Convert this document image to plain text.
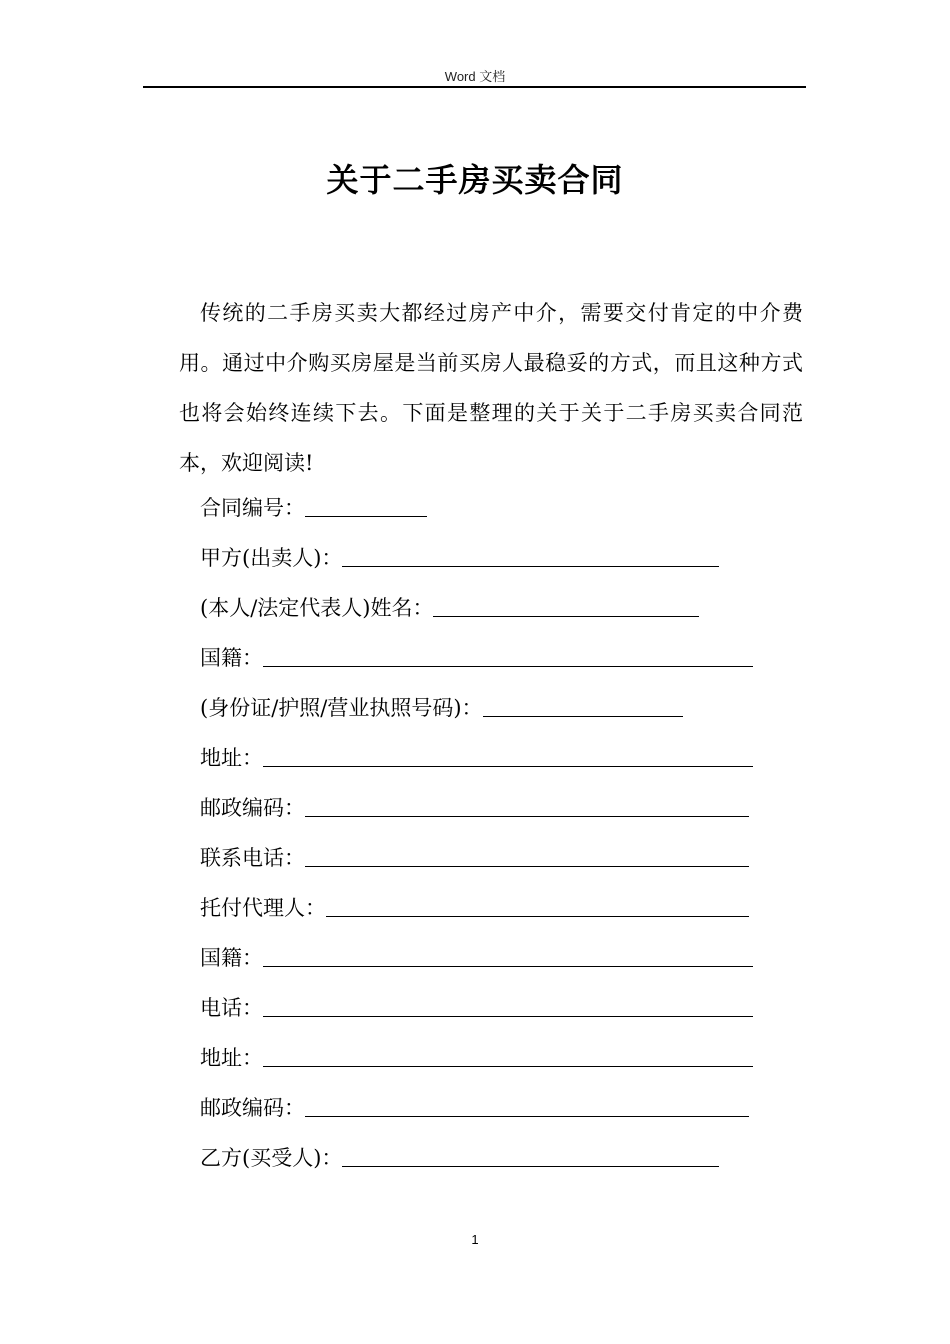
Word 文档
关于二手房买卖合同

传统的二手房买卖大都经过房产中介，需要交付肯定的中介费用。通过中介购买房屋是当前买房人最稳妥的方式，而且这种方式也将会始终连续下去。下面是整理的关于关于二手房买卖合同范本，欢迎阅读!

合同编号：
甲方(出卖人)：
(本人/法定代表人)姓名：
国籍：
(身份证/护照/营业执照号码)：
地址：
邮政编码：
联系电话：
托付代理人：
国籍：
电话：
地址：
邮政编码：
乙方(买受人)：
1
